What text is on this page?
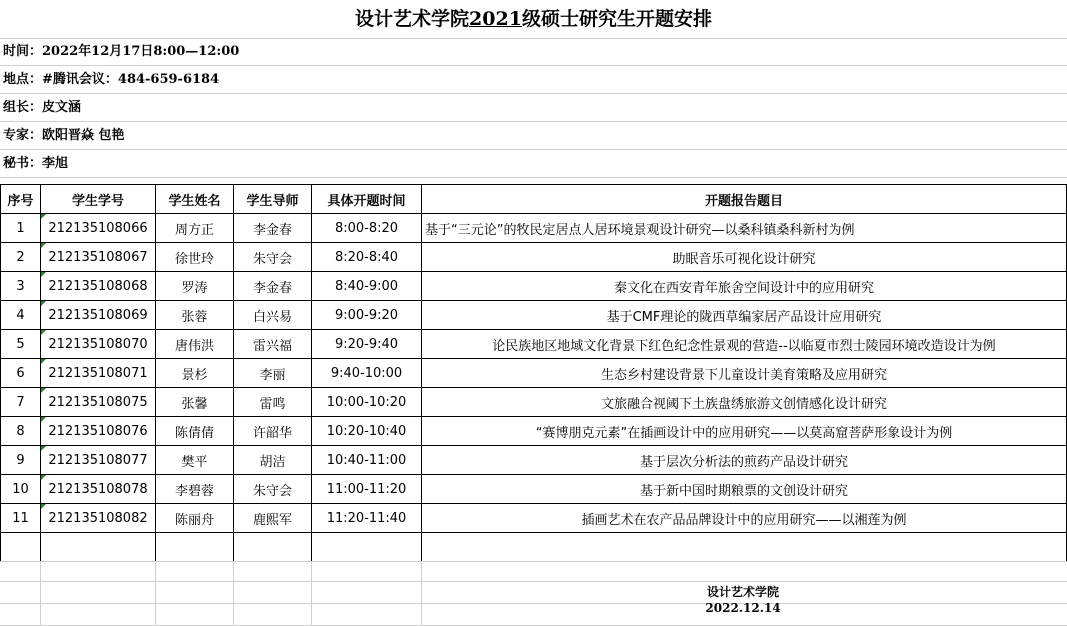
设计艺术学院2021级硕士研究生开题安排
时间：2022年12月17日8:00—12:00
地点：#腾讯会议：484-659-6184
组长：皮文涵
专家：欧阳晋焱 包艳
秘书：李旭
序号	学生学号	学生姓名	学生导师	具体开题时间	开题报告题目
1	212135108066	周方正	李金春	8:00-8:20	基于“三元论”的牧民定居点人居环境景观设计研究—以桑科镇桑科新村为例
2	212135108067	徐世玲	朱守会	8:20-8:40	助眠音乐可视化设计研究
3	212135108068	罗涛	李金春	8:40-9:00	秦文化在西安青年旅舍空间设计中的应用研究
4	212135108069	张蓉	白兴易	9:00-9:20	基于CMF理论的陇西草编家居产品设计应用研究
5	212135108070	唐伟洪	雷兴福	9:20-9:40	论民族地区地域文化背景下红色纪念性景观的营造--以临夏市烈士陵园环境改造设计为例
6	212135108071	景杉	李丽	9:40-10:00	生态乡村建设背景下儿童设计美育策略及应用研究
7	212135108075	张馨	雷鸣	10:00-10:20	文旅融合视阈下土族盘绣旅游文创情感化设计研究
8	212135108076	陈倩倩	许韶华	10:20-10:40	“赛博朋克元素”在插画设计中的应用研究——以莫高窟菩萨形象设计为例
9	212135108077	樊平	胡洁	10:40-11:00	基于层次分析法的煎药产品设计研究
10	212135108078	李碧蓉	朱守会	11:00-11:20	基于新中国时期粮票的文创设计研究
11	212135108082	陈丽舟	鹿熙军	11:20-11:40	插画艺术在农产品品牌设计中的应用研究——以湘莲为例

设计艺术学院
2022.12.14
